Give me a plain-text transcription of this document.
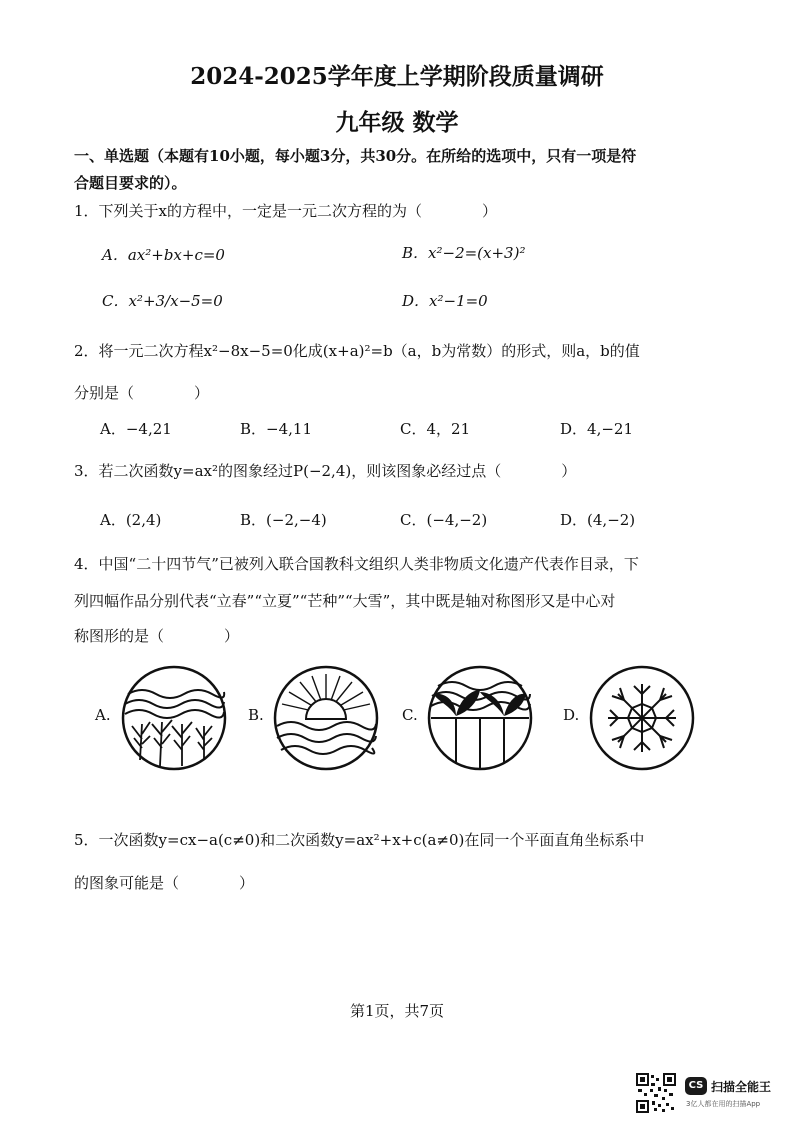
2024-2025学年度上学期阶段质量调研
九年级 数学
一、单选题（本题有10小题，每小题3分，共30分。在所给的选项中，只有一项是符
合题目要求的）。
1．下列关于x的方程中，一定是一元二次方程的为（　　　　）
A．ax²+bx+c=0	B．x²−2=(x+3)²
C．x²+3/x−5=0	D．x²−1=0
2．将一元二次方程x²−8x−5=0化成(x+a)²=b（a，b为常数）的形式，则a，b的值
分别是（　　　　）
A．−4,21	B．−4,11	C．4，21	D．4,−21
3．若二次函数y=ax²的图象经过P(−2,4)，则该图象必经过点（　　　　）
A．(2,4)	B．(−2,−4)	C．(−4,−2)	D．(4,−2)
4．中国“二十四节气”已被列入联合国教科文组织人类非物质文化遗产代表作目录，下
列四幅作品分别代表“立春”“立夏”“芒种”“大雪”，其中既是轴对称图形又是中心对
称图形的是（　　　　）
A.	B.	C.	D.
5．一次函数y=cx−a(c≠0)和二次函数y=ax²+x+c(a≠0)在同一个平面直角坐标系中
的图象可能是（　　　　）
第1页，共7页
CS 扫描全能王
3亿人都在用的扫描App
